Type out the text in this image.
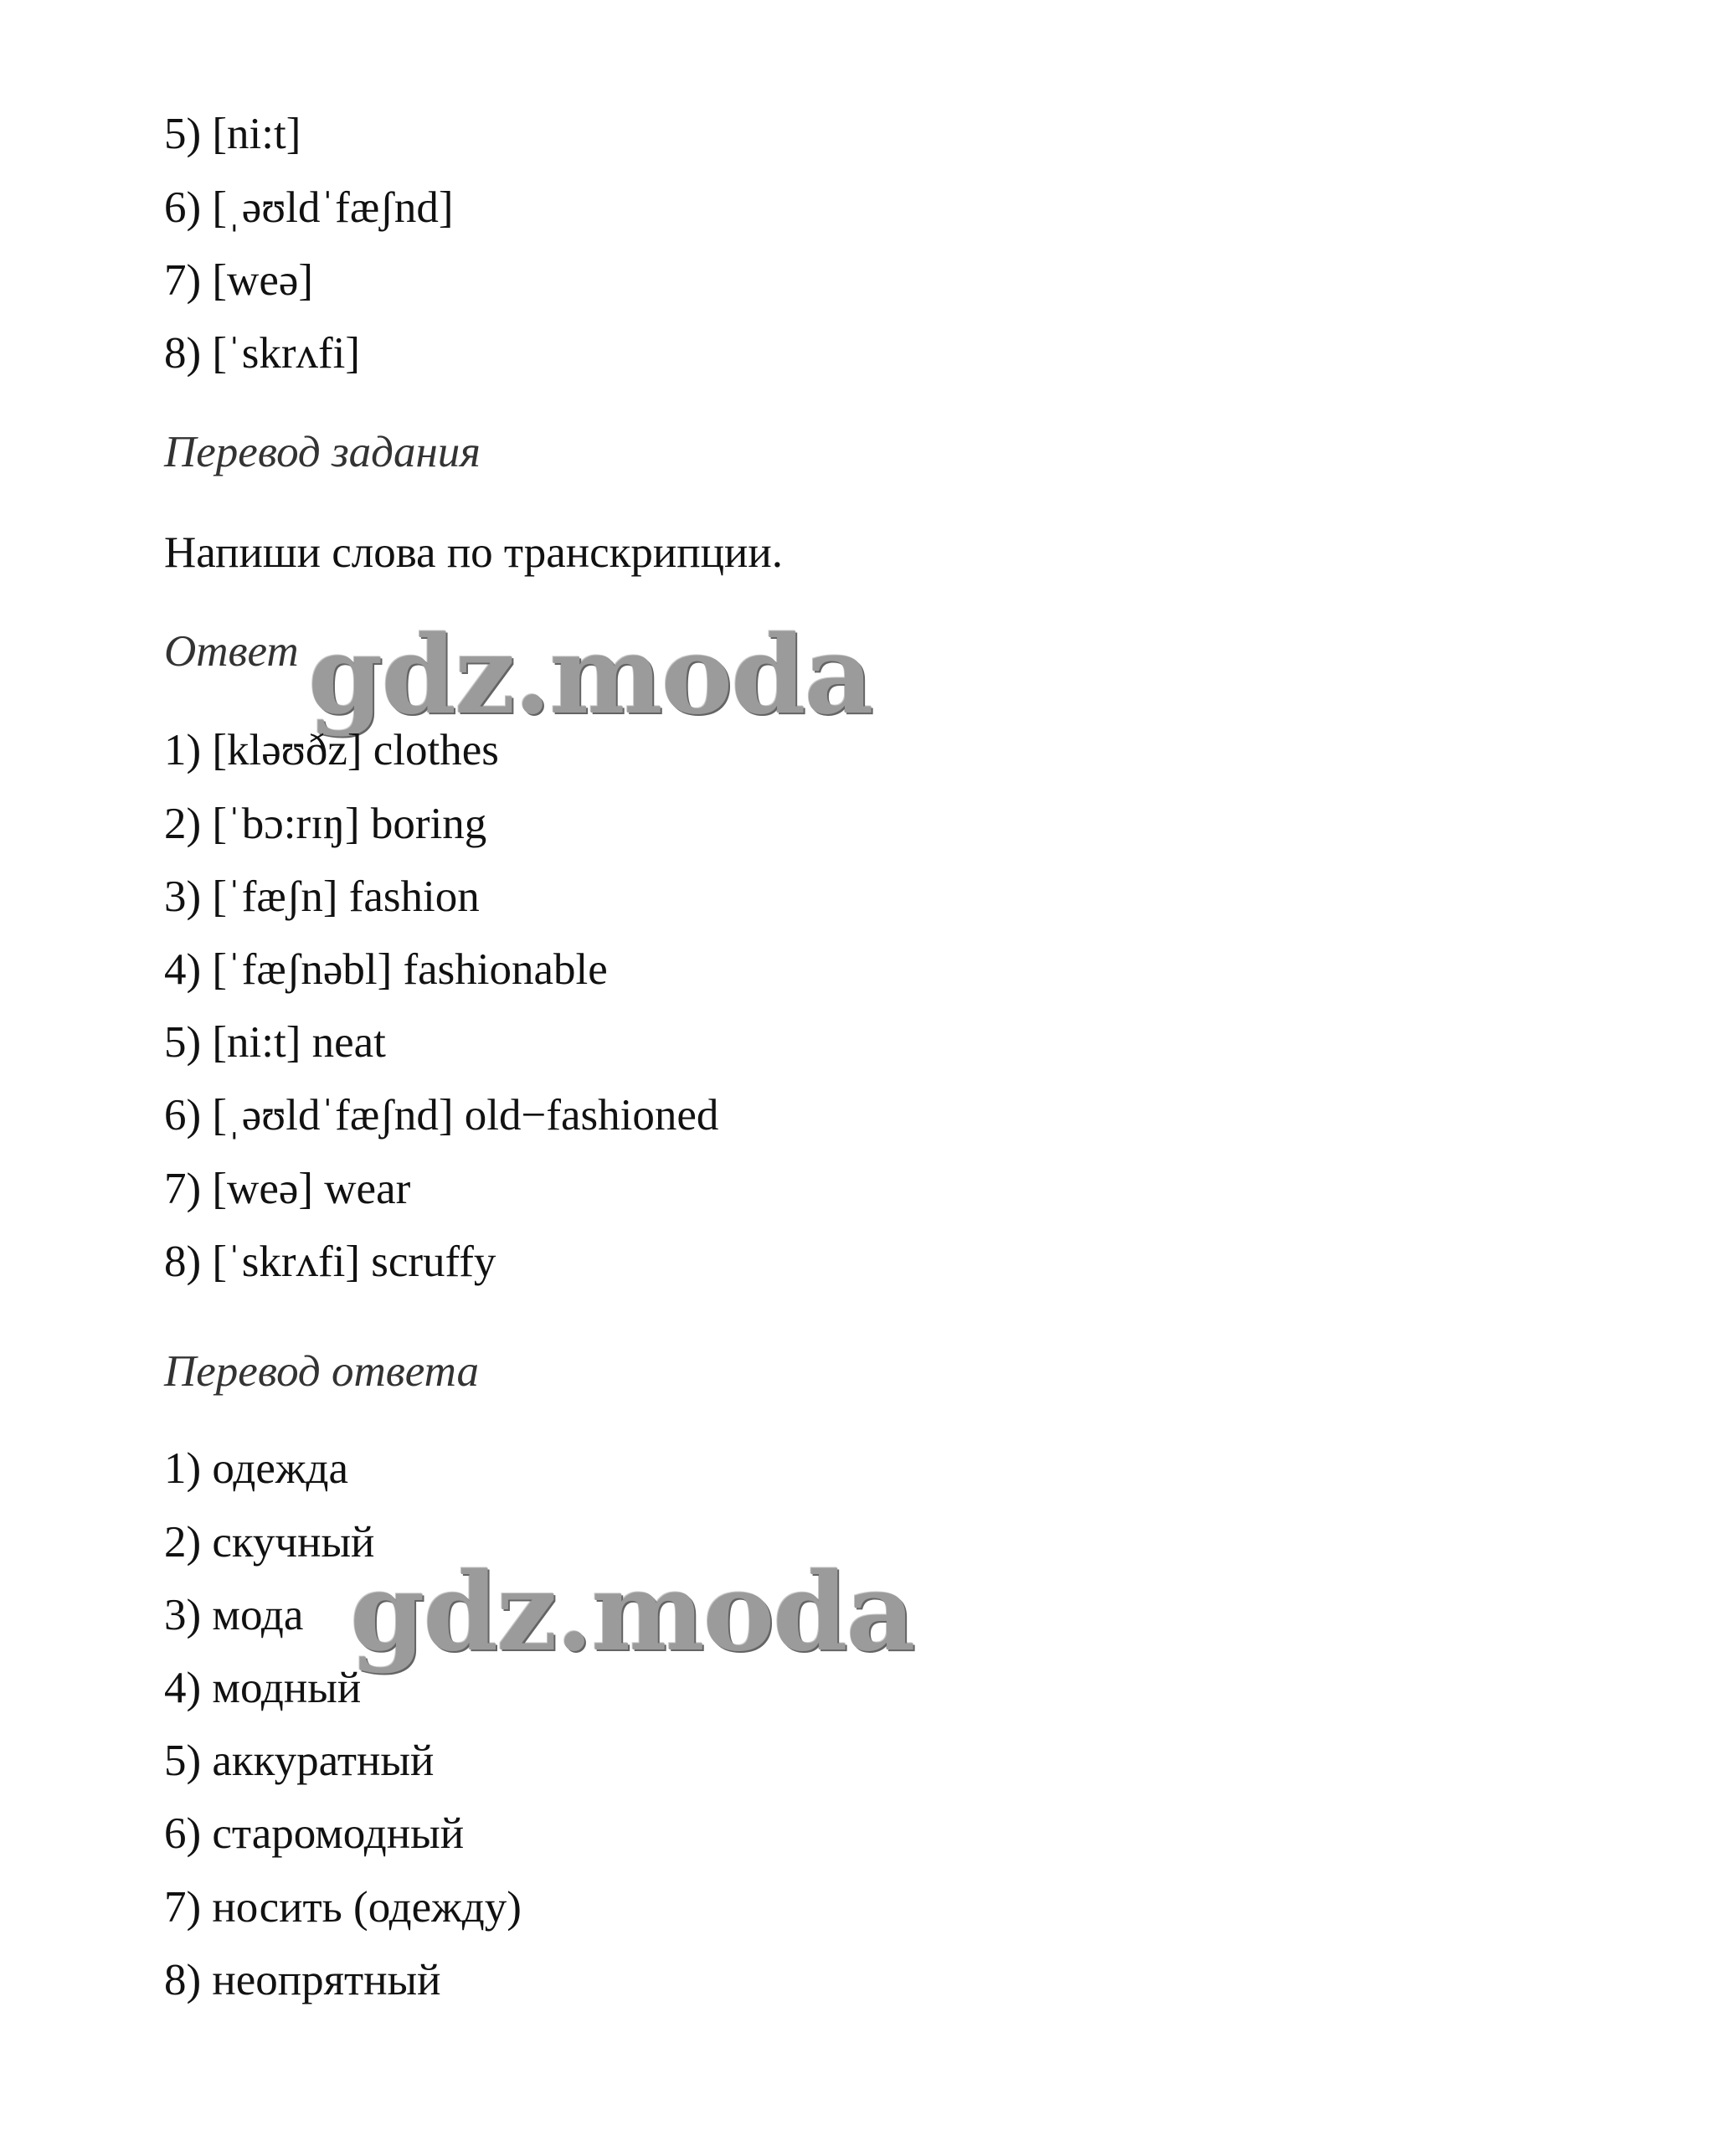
5) [ni:t]
6) [ˌəʊldˈfæʃnd]
7) [weə]
8) [ˈskrʌfi]
Перевод задания
Напиши слова по транскрипции.
Ответ gdz.moda
1) [kləʊðz] clothes
2) [ˈbɔ:rɪŋ] boring
3) [ˈfæʃn] fashion
4) [ˈfæʃnəbl] fashionable
5) [ni:t] neat
6) [ˌəʊldˈfæʃnd] old−fashioned
7) [weə] wear
8) [ˈskrʌfi] scruffy
Перевод ответа
1) одежда
2) скучный
3) мода gdz.moda
4) модный
5) аккуратный
6) старомодный
7) носить (одежду)
8) неопрятный
